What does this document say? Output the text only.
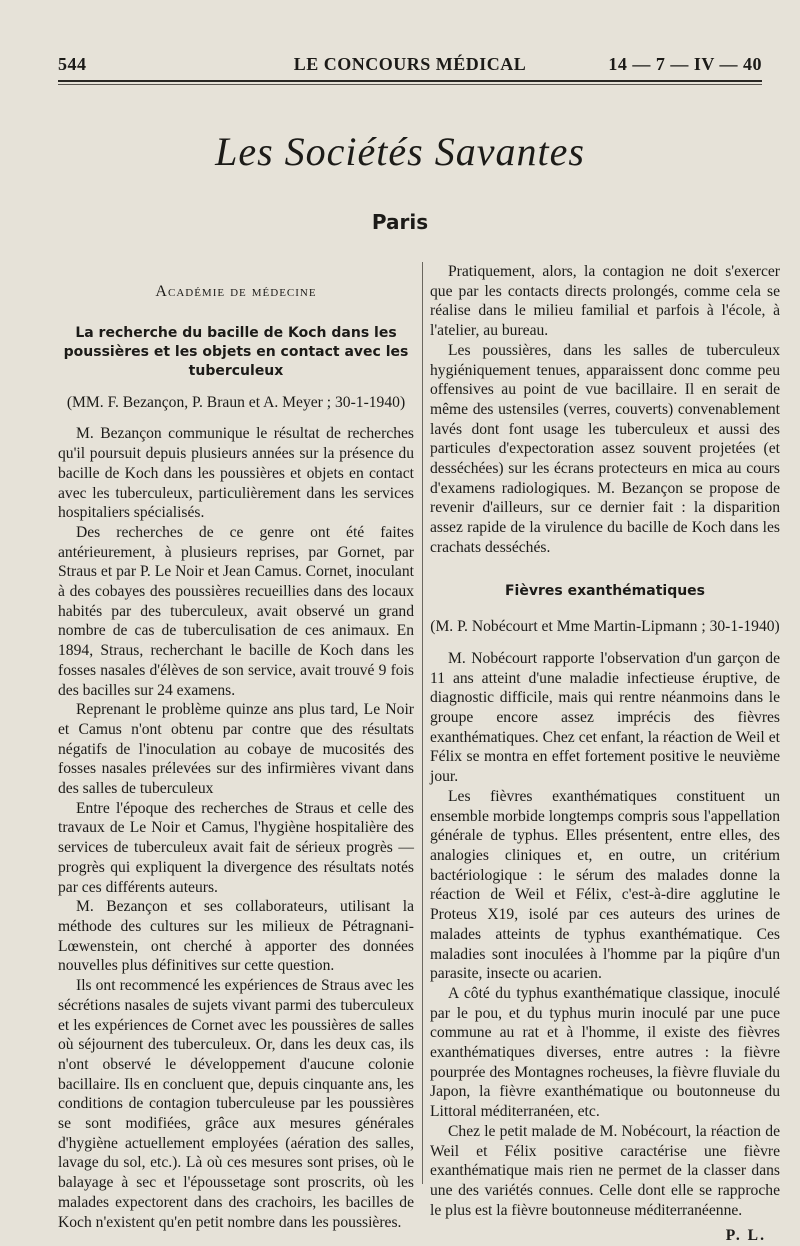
544	LE CONCOURS MÉDICAL	14 — 7 — IV — 40
Les Sociétés Savantes
Paris

Académie de médecine

La recherche du bacille de Koch dans les poussières et les objets en contact avec les tuberculeux

(MM. F. Bezançon, P. Braun et A. Meyer ; 30-1-1940)

M. Bezançon communique le résultat de recherches qu'il poursuit depuis plusieurs années sur la présence du bacille de Koch dans les poussières et objets en contact avec les tuberculeux, particulièrement dans les services hospitaliers spécialisés.

Des recherches de ce genre ont été faites antérieurement, à plusieurs reprises, par Gornet, par Straus et par P. Le Noir et Jean Camus. Cornet, inoculant à des cobayes des poussières recueillies dans des locaux habités par des tuberculeux, avait observé un grand nombre de cas de tuberculisation de ces animaux. En 1894, Straus, recherchant le bacille de Koch dans les fosses nasales d'élèves de son service, avait trouvé 9 fois des bacilles sur 24 examens.

Reprenant le problème quinze ans plus tard, Le Noir et Camus n'ont obtenu par contre que des résultats négatifs de l'inoculation au cobaye de mucosités des fosses nasales prélevées sur des infirmières vivant dans des salles de tuberculeux

Entre l'époque des recherches de Straus et celle des travaux de Le Noir et Camus, l'hygiène hospitalière des services de tuberculeux avait fait de sérieux progrès — progrès qui expliquent la divergence des résultats notés par ces différents auteurs.

M. Bezançon et ses collaborateurs, utilisant la méthode des cultures sur les milieux de Pétragnani-Lœwenstein, ont cherché à apporter des données nouvelles plus définitives sur cette question.

Ils ont recommencé les expériences de Straus avec les sécrétions nasales de sujets vivant parmi des tuberculeux et les expériences de Cornet avec les poussières de salles où séjournent des tuberculeux. Or, dans les deux cas, ils n'ont observé le développement d'aucune colonie bacillaire. Ils en concluent que, depuis cinquante ans, les conditions de contagion tuberculeuse par les poussières se sont modifiées, grâce aux mesures générales d'hygiène actuellement employées (aération des salles, lavage du sol, etc.). Là où ces mesures sont prises, où le balayage à sec et l'époussetage sont proscrits, où les malades expectorent dans des crachoirs, les bacilles de Koch n'existent qu'en petit nombre dans les poussières.

Pratiquement, alors, la contagion ne doit s'exercer que par les contacts directs prolongés, comme cela se réalise dans le milieu familial et parfois à l'école, à l'atelier, au bureau.

Les poussières, dans les salles de tuberculeux hygiéniquement tenues, apparaissent donc comme peu offensives au point de vue bacillaire. Il en serait de même des ustensiles (verres, couverts) convenablement lavés dont font usage les tuberculeux et aussi des particules d'expectoration assez souvent projetées (et desséchées) sur les écrans protecteurs en mica au cours d'examens radiologiques. M. Bezançon se propose de revenir d'ailleurs, sur ce dernier fait : la disparition assez rapide de la virulence du bacille de Koch dans les crachats desséchés.

Fièvres exanthématiques

(M. P. Nobécourt et Mme Martin-Lipmann ; 30-1-1940)

M. Nobécourt rapporte l'observation d'un garçon de 11 ans atteint d'une maladie infectieuse éruptive, de diagnostic difficile, mais qui rentre néanmoins dans le groupe encore assez imprécis des fièvres exanthématiques. Chez cet enfant, la réaction de Weil et Félix se montra en effet fortement positive le neuvième jour.

Les fièvres exanthématiques constituent un ensemble morbide longtemps compris sous l'appellation générale de typhus. Elles présentent, entre elles, des analogies cliniques et, en outre, un critérium bactériologique : le sérum des malades donne la réaction de Weil et Félix, c'est-à-dire agglutine le Proteus X19, isolé par ces auteurs des urines de malades atteints de typhus exanthématique. Ces maladies sont inoculées à l'homme par la piqûre d'un parasite, insecte ou acarien.

A côté du typhus exanthématique classique, inoculé par le pou, et du typhus murin inoculé par une puce commune au rat et à l'homme, il existe des fièvres exanthématiques diverses, entre autres : la fièvre pourprée des Montagnes rocheuses, la fièvre fluviale du Japon, la fièvre exanthématique ou boutonneuse du Littoral méditerranéen, etc.

Chez le petit malade de M. Nobécourt, la réaction de Weil et Félix positive caractérise une fièvre exanthématique mais rien ne permet de la classer dans une des variétés connues. Celle dont elle se rapproche le plus est la fièvre boutonneuse méditerranéenne.

P. L.
